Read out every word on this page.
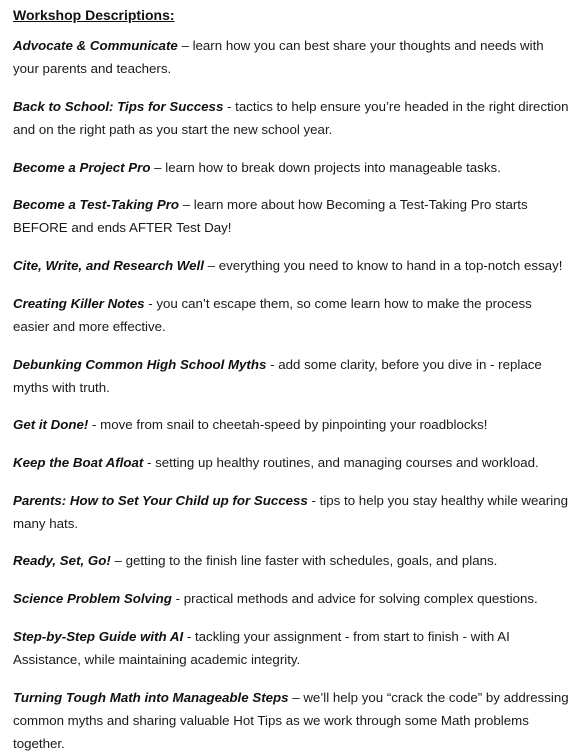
Workshop Descriptions:
Advocate & Communicate – learn how you can best share your thoughts and needs with your parents and teachers.
Back to School: Tips for Success - tactics to help ensure you’re headed in the right direction and on the right path as you start the new school year.
Become a Project Pro – learn how to break down projects into manageable tasks.
Become a Test-Taking Pro – learn more about how Becoming a Test-Taking Pro starts BEFORE and ends AFTER Test Day!
Cite, Write, and Research Well – everything you need to know to hand in a top-notch essay!
Creating Killer Notes - you can’t escape them, so come learn how to make the process easier and more effective.
Debunking Common High School Myths - add some clarity, before you dive in - replace myths with truth.
Get it Done! - move from snail to cheetah-speed by pinpointing your roadblocks!
Keep the Boat Afloat - setting up healthy routines, and managing courses and workload.
Parents: How to Set Your Child up for Success - tips to help you stay healthy while wearing many hats.
Ready, Set, Go! – getting to the finish line faster with schedules, goals, and plans.
Science Problem Solving - practical methods and advice for solving complex questions.
Step-by-Step Guide with AI - tackling your assignment - from start to finish - with AI Assistance, while maintaining academic integrity.
Turning Tough Math into Manageable Steps – we’ll help you “crack the code” by addressing common myths and sharing valuable Hot Tips as we work through some Math problems together.
